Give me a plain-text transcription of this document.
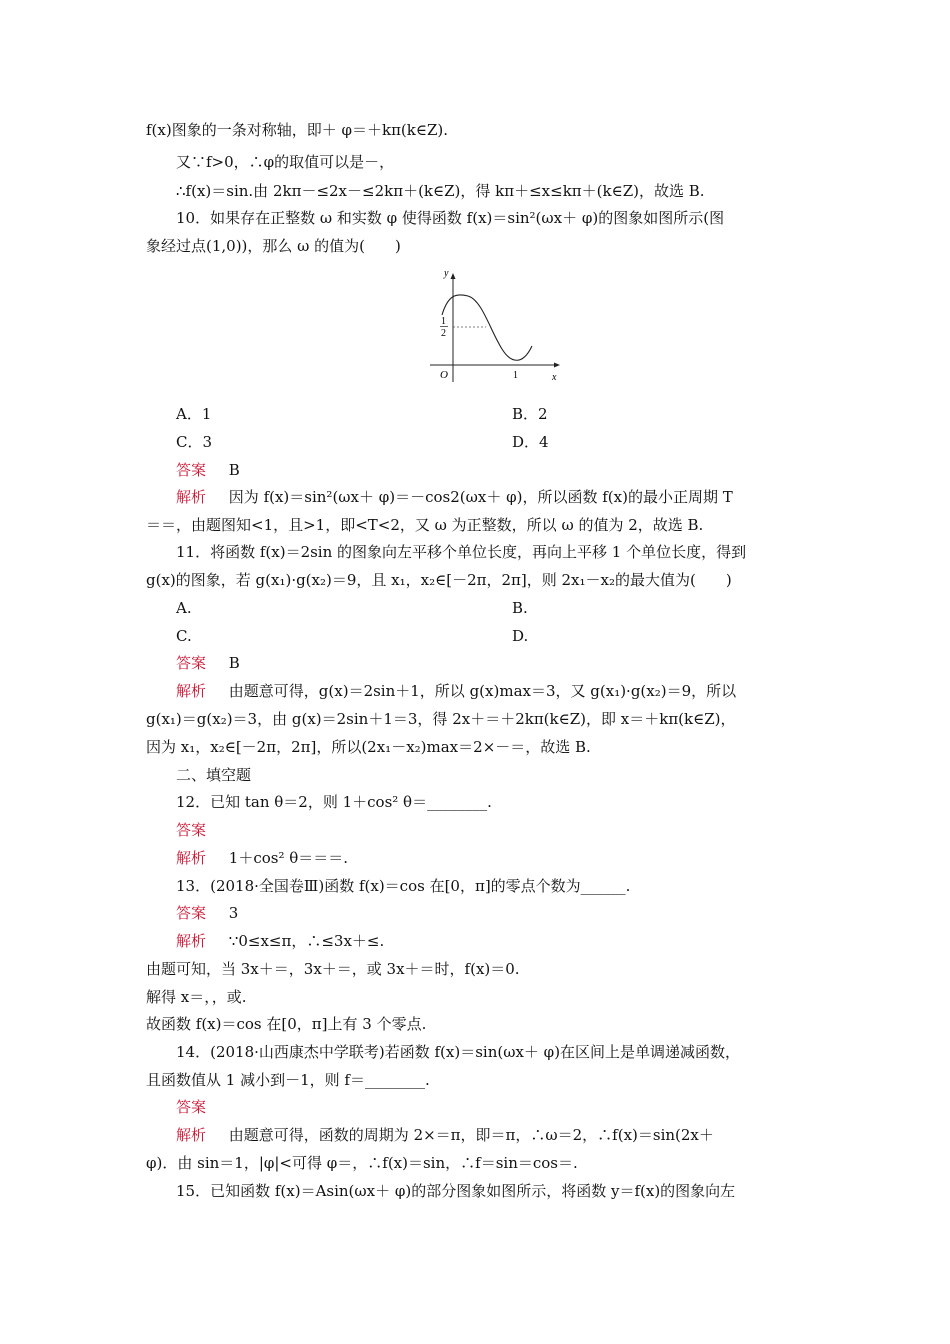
f(x)图象的一条对称轴，即＋ φ＝＋kπ(k∈Z).
又∵f>0，∴φ的取值可以是－，
∴f(x)＝sin.由 2kπ－≤2x－≤2kπ＋(k∈Z)，得 kπ＋≤x≤kπ＋(k∈Z)，故选 B.
10．如果存在正整数 ω 和实数 φ 使得函数 f(x)＝sin²(ωx＋ φ)的图象如图所示(图
象经过点(1,0))，那么 ω 的值为(　　)
y
x
O
1
2
1
A．1	B．2
C．3	D．4
答案 B
解析 因为 f(x)＝sin²(ωx＋ φ)＝－cos2(ωx＋ φ)，所以函数 f(x)的最小正周期 T
＝＝，由题图知<1，且>1，即<T<2，又 ω 为正整数，所以 ω 的值为 2，故选 B.
11．将函数 f(x)＝2sin 的图象向左平移个单位长度，再向上平移 1 个单位长度，得到
g(x)的图象，若 g(x₁)·g(x₂)＝9，且 x₁，x₂∈[－2π，2π]，则 2x₁－x₂的最大值为(　　)
A.	B.
C.	D.
答案 B
解析 由题意可得，g(x)＝2sin＋1，所以 g(x)max＝3，又 g(x₁)·g(x₂)＝9，所以
g(x₁)＝g(x₂)＝3，由 g(x)＝2sin＋1＝3，得 2x＋＝＋2kπ(k∈Z)，即 x＝＋kπ(k∈Z)，
因为 x₁，x₂∈[－2π，2π]，所以(2x₁－x₂)max＝2×－＝，故选 B.
二、填空题
12．已知 tan θ＝2，则 1＋cos² θ＝________.
答案
解析 1＋cos² θ＝＝＝.
13．(2018·全国卷Ⅲ)函数 f(x)＝cos 在[0，π]的零点个数为______.
答案 3
解析 ∵0≤x≤π，∴≤3x＋≤.
由题可知，当 3x＋＝，3x＋＝，或 3x＋＝时，f(x)＝0.
解得 x＝，，或.
故函数 f(x)＝cos 在[0，π]上有 3 个零点.
14．(2018·山西康杰中学联考)若函数 f(x)＝sin(ωx＋ φ)在区间上是单调递减函数，
且函数值从 1 减小到－1，则 f＝________.
答案
解析 由题意可得，函数的周期为 2×＝π，即＝π，∴ω＝2，∴f(x)＝sin(2x＋
φ)．由 sin＝1，|φ|<可得 φ＝，∴f(x)＝sin，∴f＝sin＝cos＝.
15．已知函数 f(x)＝Asin(ωx＋ φ)的部分图象如图所示，将函数 y＝f(x)的图象向左
